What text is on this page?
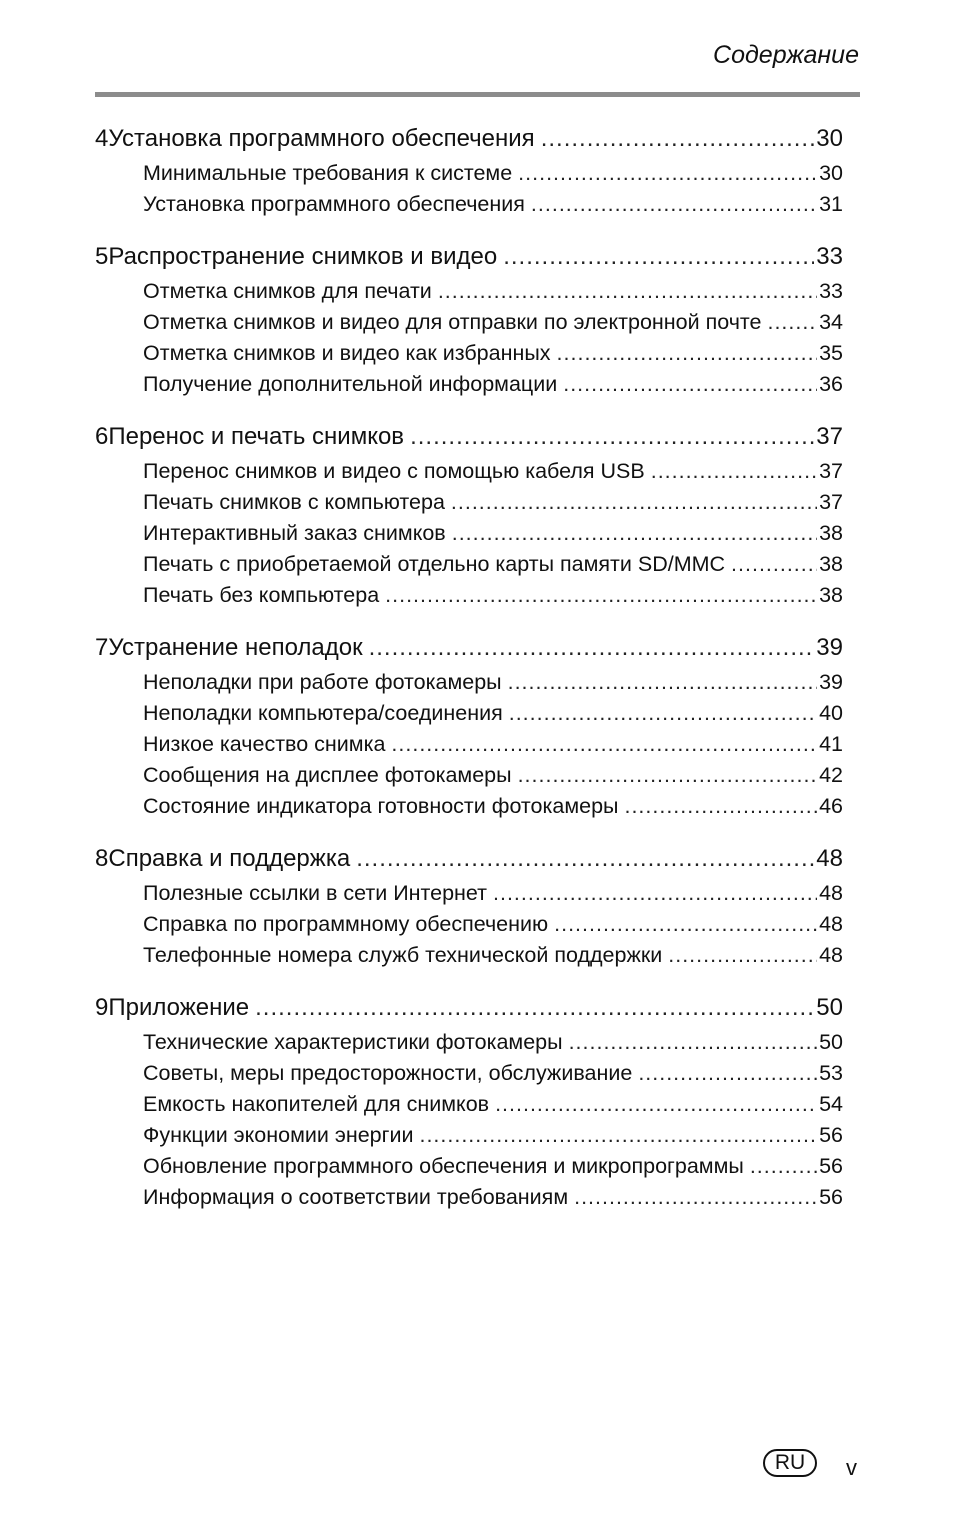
Содержание
4 Установка программного обеспечения .....	30
Минимальные требования к системе .....	30
Установка программного обеспечения .....	31
5 Распространение снимков и видео .....	33
Отметка снимков для печати .....	33
Отметка снимков и видео для отправки по электронной почте .....	34
Отметка снимков и видео как избранных .....	35
Получение дополнительной информации .....	36
6 Перенос и печать снимков .....	37
Перенос снимков и видео с помощью кабеля USB .....	37
Печать снимков с компьютера .....	37
Интерактивный заказ снимков .....	38
Печать с приобретаемой отдельно карты памяти SD/MMC .....	38
Печать без компьютера .....	38
7 Устранение неполадок .....	39
Неполадки при работе фотокамеры .....	39
Неполадки компьютера/соединения .....	40
Низкое качество снимка .....	41
Сообщения на дисплее фотокамеры .....	42
Состояние индикатора готовности фотокамеры .....	46
8 Справка и поддержка .....	48
Полезные ссылки в сети Интернет .....	48
Справка по программному обеспечению .....	48
Телефонные номера служб технической поддержки .....	48
9 Приложение .....	50
Технические характеристики фотокамеры .....	50
Советы, меры предосторожности, обслуживание .....	53
Емкость накопителей для снимков .....	54
Функции экономии энергии .....	56
Обновление программного обеспечения и микропрограммы .....	56
Информация о соответствии требованиям .....	56
RU	v
